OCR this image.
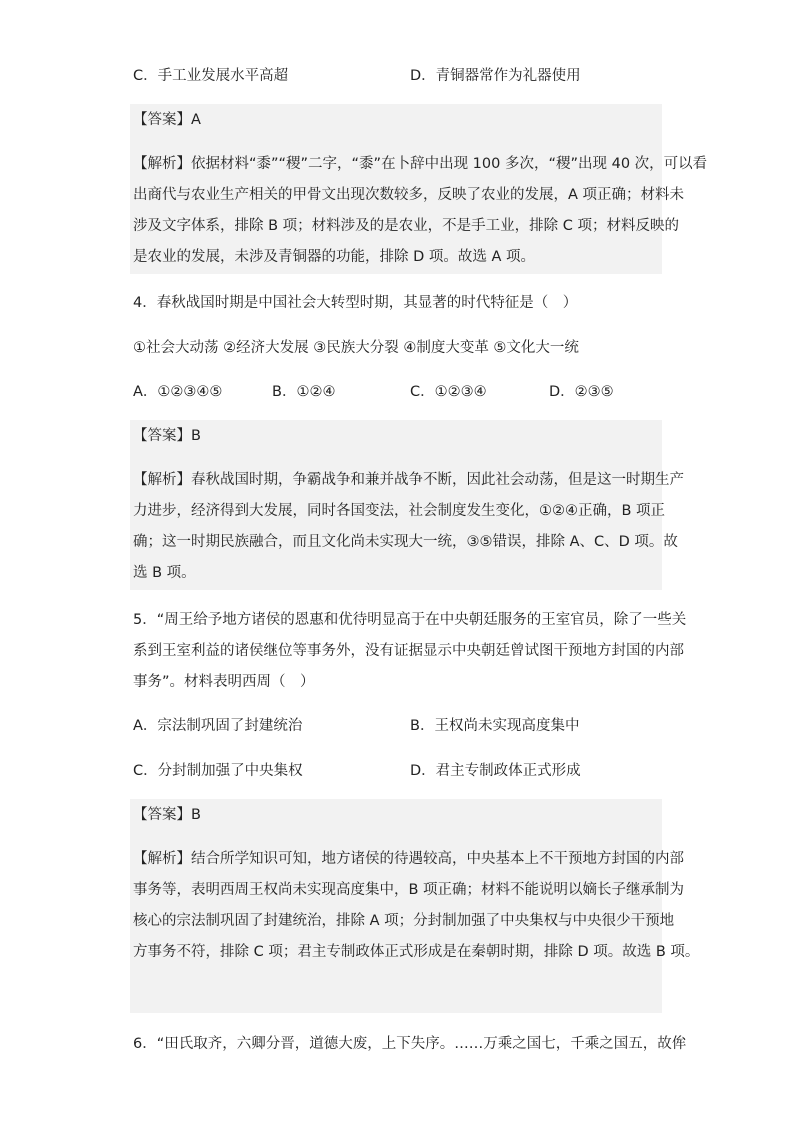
C．手工业发展水平高超	D．青铜器常作为礼器使用
【答案】A
【解析】依据材料“黍”“稷”二字，“黍”在卜辞中出现 100 多次，“稷”出现 40 次，可以看
出商代与农业生产相关的甲骨文出现次数较多，反映了农业的发展，A 项正确；材料未
涉及文字体系，排除 B 项；材料涉及的是农业，不是手工业，排除 C 项；材料反映的
是农业的发展，未涉及青铜器的功能，排除 D 项。故选 A 项。
4．春秋战国时期是中国社会大转型时期，其显著的时代特征是（　）
①社会大动荡 ②经济大发展 ③民族大分裂 ④制度大变革 ⑤文化大一统
A．①②③④⑤	B．①②④	C．①②③④	D．②③⑤
【答案】B
【解析】春秋战国时期，争霸战争和兼并战争不断，因此社会动荡，但是这一时期生产
力进步，经济得到大发展，同时各国变法，社会制度发生变化，①②④正确，B 项正
确；这一时期民族融合，而且文化尚未实现大一统，③⑤错误，排除 A、C、D 项。故
选 B 项。
5．“周王给予地方诸侯的恩惠和优待明显高于在中央朝廷服务的王室官员，除了一些关
系到王室利益的诸侯继位等事务外，没有证据显示中央朝廷曾试图干预地方封国的内部
事务”。材料表明西周（　）
A．宗法制巩固了封建统治	B．王权尚未实现高度集中
C．分封制加强了中央集权	D．君主专制政体正式形成
【答案】B
【解析】结合所学知识可知，地方诸侯的待遇较高，中央基本上不干预地方封国的内部
事务等，表明西周王权尚未实现高度集中，B 项正确；材料不能说明以嫡长子继承制为
核心的宗法制巩固了封建统治，排除 A 项；分封制加强了中央集权与中央很少干预地
方事务不符，排除 C 项；君主专制政体正式形成是在秦朝时期，排除 D 项。故选 B 项。
6．“田氏取齐，六卿分晋，道德大废，上下失序。……万乘之国七，千乘之国五，故侔
